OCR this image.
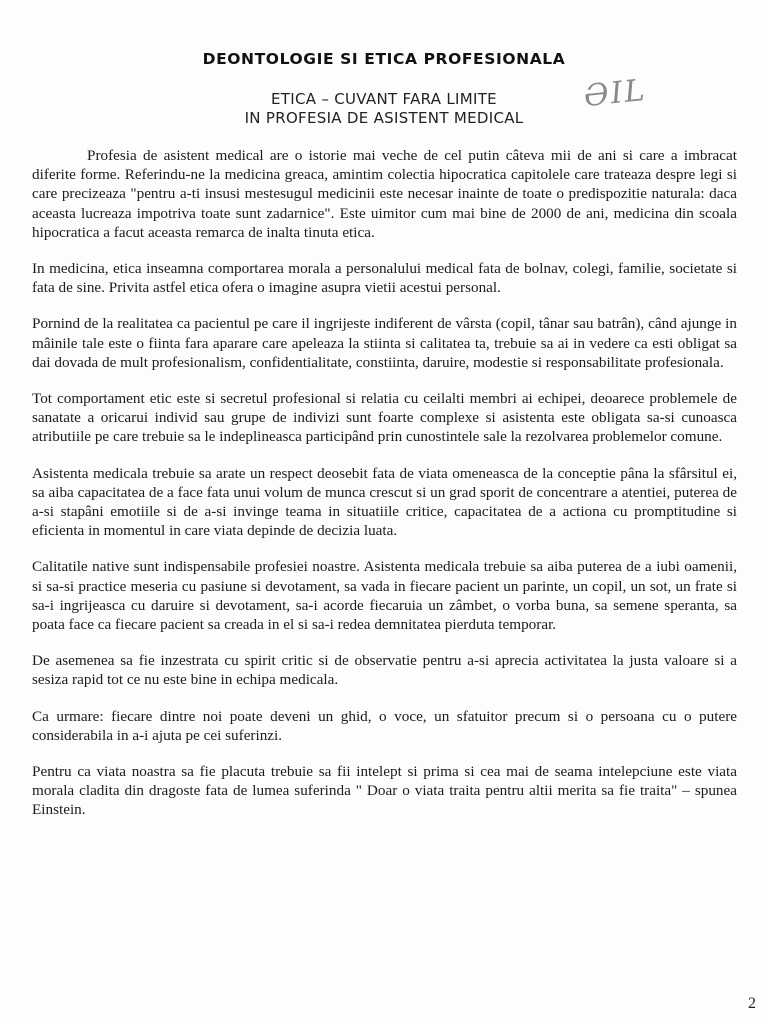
DEONTOLOGIE SI ETICA PROFESIONALA
ETICA – CUVANT FARA LIMITE
IN PROFESIA DE ASISTENT MEDICAL
ƏIL

Profesia de asistent medical are o istorie mai veche de cel putin câteva mii de ani si care a imbracat diferite forme. Referindu-ne la medicina greaca, amintim colectia hipocratica capitolele care trateaza despre legi si care precizeaza "pentru a-ti insusi mestesugul medicinii este necesar inainte de toate o predispozitie naturala: daca aceasta lucreaza impotriva toate sunt zadarnice". Este uimitor cum mai bine de 2000 de ani, medicina din scoala hipocratica a facut aceasta remarca de inalta tinuta etica.

In medicina, etica inseamna comportarea morala a personalului medical fata de bolnav, colegi, familie, societate si fata de sine. Privita astfel etica ofera o imagine asupra vietii acestui personal.

Pornind de la realitatea ca pacientul pe care il ingrijeste indiferent de vârsta (copil, tânar sau batrân), când ajunge in mâinile tale este o fiinta fara aparare care apeleaza la stiinta si calitatea ta, trebuie sa ai in vedere ca esti obligat sa dai dovada de mult profesionalism, confidentialitate, constiinta, daruire, modestie si responsabilitate profesionala.

Tot comportament etic este si secretul profesional si relatia cu ceilalti membri ai echipei, deoarece problemele de sanatate a oricarui individ sau grupe de indivizi sunt foarte complexe si asistenta este obligata sa-si cunoasca atributiile pe care trebuie sa le indeplineasca participând prin cunostintele sale la rezolvarea problemelor comune.

Asistenta medicala trebuie sa arate un respect deosebit fata de viata omeneasca de la conceptie pâna la sfârsitul ei, sa aiba capacitatea de a face fata unui volum de munca crescut si un grad sporit de concentrare a atentiei, puterea de a-si stapâni emotiile si de a-si invinge teama in situatiile critice, capacitatea de a actiona cu promptitudine si eficienta in momentul in care viata depinde de decizia luata.

Calitatile native sunt indispensabile profesiei noastre. Asistenta medicala trebuie sa aiba puterea de a iubi oamenii, si sa-si practice meseria cu pasiune si devotament, sa vada in fiecare pacient un parinte, un copil, un sot, un frate si sa-i ingrijeasca cu daruire si devotament, sa-i acorde fiecaruia un zâmbet, o vorba buna, sa semene speranta, sa poata face ca fiecare pacient sa creada in el si sa-i redea demnitatea pierduta temporar.

De asemenea sa fie inzestrata cu spirit critic si de observatie pentru a-si aprecia activitatea la justa valoare si a sesiza rapid tot ce nu este bine in echipa medicala.

Ca urmare: fiecare dintre noi poate deveni un ghid, o voce, un sfatuitor precum si o persoana cu o putere considerabila in a-i ajuta pe cei suferinzi.

Pentru ca viata noastra sa fie placuta trebuie sa fii intelept si prima si cea mai de seama intelepciune este viata morala cladita din dragoste fata de lumea suferinda " Doar o viata traita pentru altii merita sa fie traita" – spunea Einstein.

2
